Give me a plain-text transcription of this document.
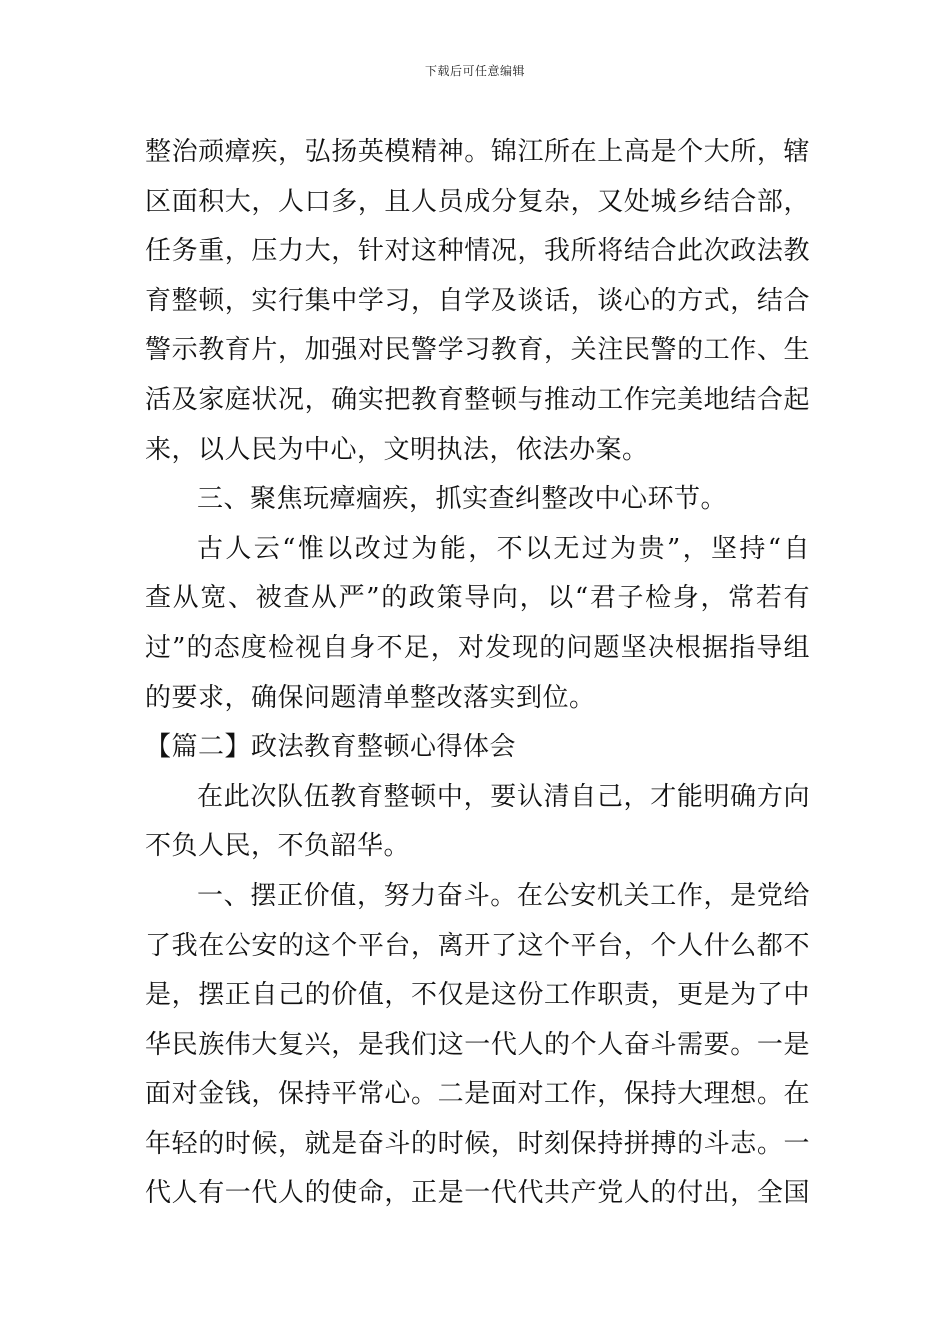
下载后可任意编辑
整治顽瘴疾，弘扬英模精神。锦江所在上高是个大所，辖
区面积大，人口多，且人员成分复杂，又处城乡结合部，
任务重，压力大，针对这种情况，我所将结合此次政法教
育整顿，实行集中学习，自学及谈话，谈心的方式，结合
警示教育片，加强对民警学习教育，关注民警的工作、生
活及家庭状况，确实把教育整顿与推动工作完美地结合起
来，以人民为中心，文明执法，依法办案。
三、聚焦玩瘴痼疾，抓实查纠整改中心环节。
古人云“惟以改过为能，不以无过为贵”，坚持“自
查从宽、被查从严”的政策导向，以“君子检身，常若有
过”的态度检视自身不足，对发现的问题坚决根据指导组
的要求，确保问题清单整改落实到位。
【篇二】政法教育整顿心得体会
在此次队伍教育整顿中，要认清自己，才能明确方向
不负人民，不负韶华。
一、摆正价值，努力奋斗。在公安机关工作，是党给
了我在公安的这个平台，离开了这个平台，个人什么都不
是，摆正自己的价值，不仅是这份工作职责，更是为了中
华民族伟大复兴，是我们这一代人的个人奋斗需要。一是
面对金钱，保持平常心。二是面对工作，保持大理想。在
年轻的时候，就是奋斗的时候，时刻保持拼搏的斗志。一
代人有一代人的使命，正是一代代共产党人的付出，全国
